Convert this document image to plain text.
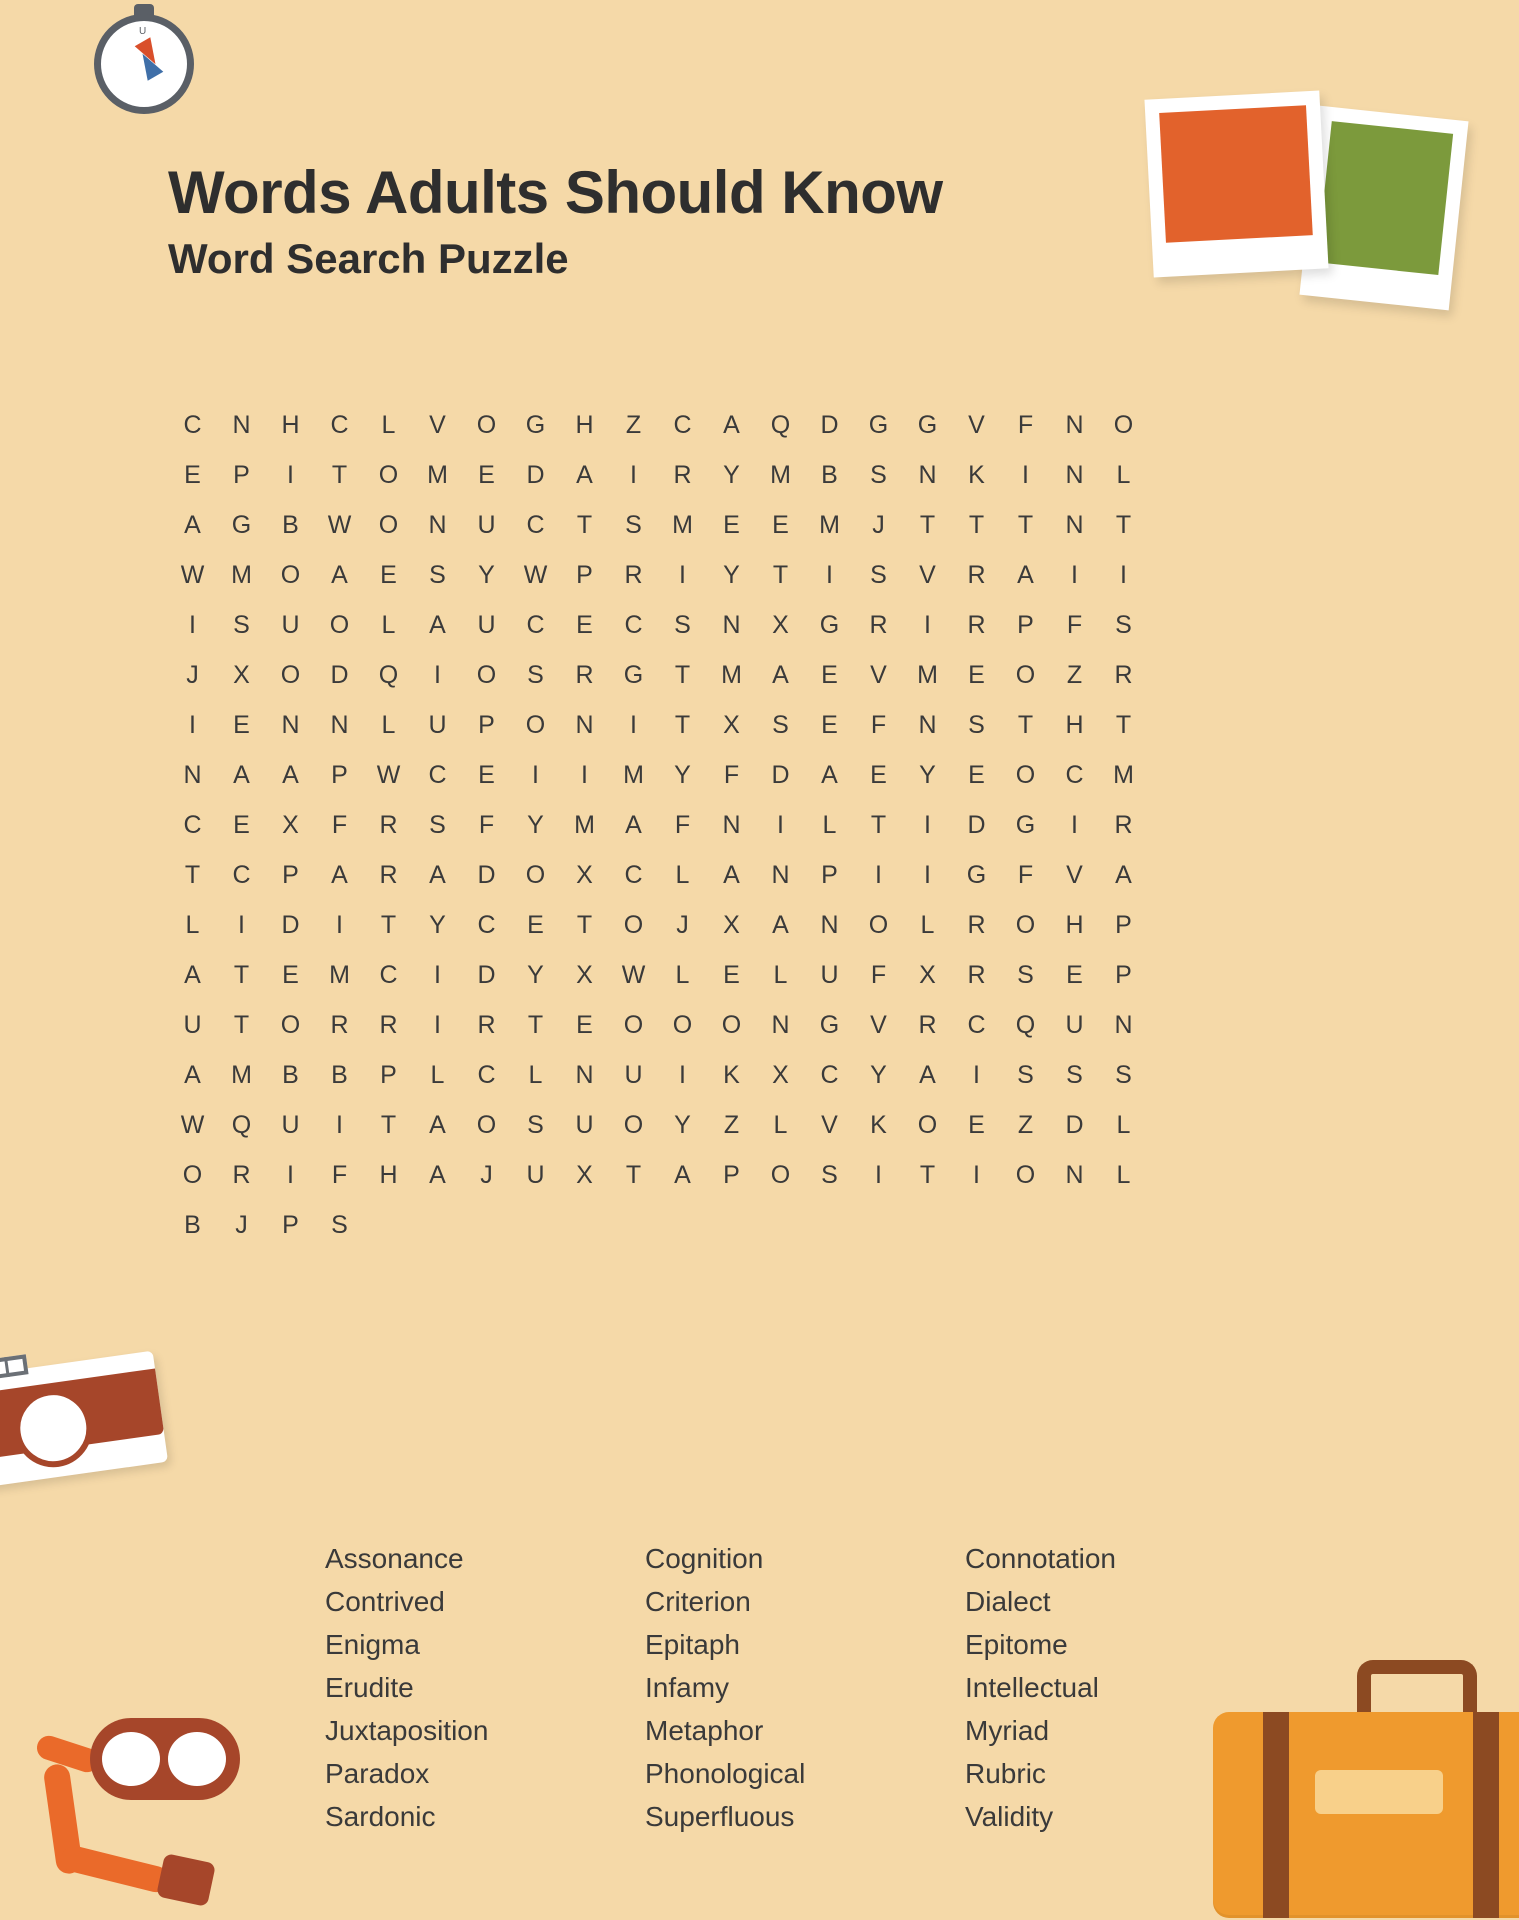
U
Words Adults Should Know
Word Search Puzzle
C	N	H	C	L	V	O	G	H	Z	C	A	Q	D	G	G	V	F	N	O
E	P	I	T	O	M	E	D	A	I	R	Y	M	B	S	N	K	I	N	L
A	G	B	W	O	N	U	C	T	S	M	E	E	M	J	T	T	T	N	T
W	M	O	A	E	S	Y	W	P	R	I	Y	T	I	S	V	R	A	I	I
I	S	U	O	L	A	U	C	E	C	S	N	X	G	R	I	R	P	F	S
J	X	O	D	Q	I	O	S	R	G	T	M	A	E	V	M	E	O	Z	R
I	E	N	N	L	U	P	O	N	I	T	X	S	E	F	N	S	T	H	T
N	A	A	P	W	C	E	I	I	M	Y	F	D	A	E	Y	E	O	C	M
C	E	X	F	R	S	F	Y	M	A	F	N	I	L	T	I	D	G	I	R
T	C	P	A	R	A	D	O	X	C	L	A	N	P	I	I	G	F	V	A
L	I	D	I	T	Y	C	E	T	O	J	X	A	N	O	L	R	O	H	P
A	T	E	M	C	I	D	Y	X	W	L	E	L	U	F	X	R	S	E	P
U	T	O	R	R	I	R	T	E	O	O	O	N	G	V	R	C	Q	U	N
A	M	B	B	P	L	C	L	N	U	I	K	X	C	Y	A	I	S	S	S
W	Q	U	I	T	A	O	S	U	O	Y	Z	L	V	K	O	E	Z	D	L
O	R	I	F	H	A	J	U	X	T	A	P	O	S	I	T	I	O	N	L
B	J	P	S
Assonance
Contrived
Enigma
Erudite
Juxtaposition
Paradox
Sardonic
Cognition
Criterion
Epitaph
Infamy
Metaphor
Phonological
Superfluous
Connotation
Dialect
Epitome
Intellectual
Myriad
Rubric
Validity
